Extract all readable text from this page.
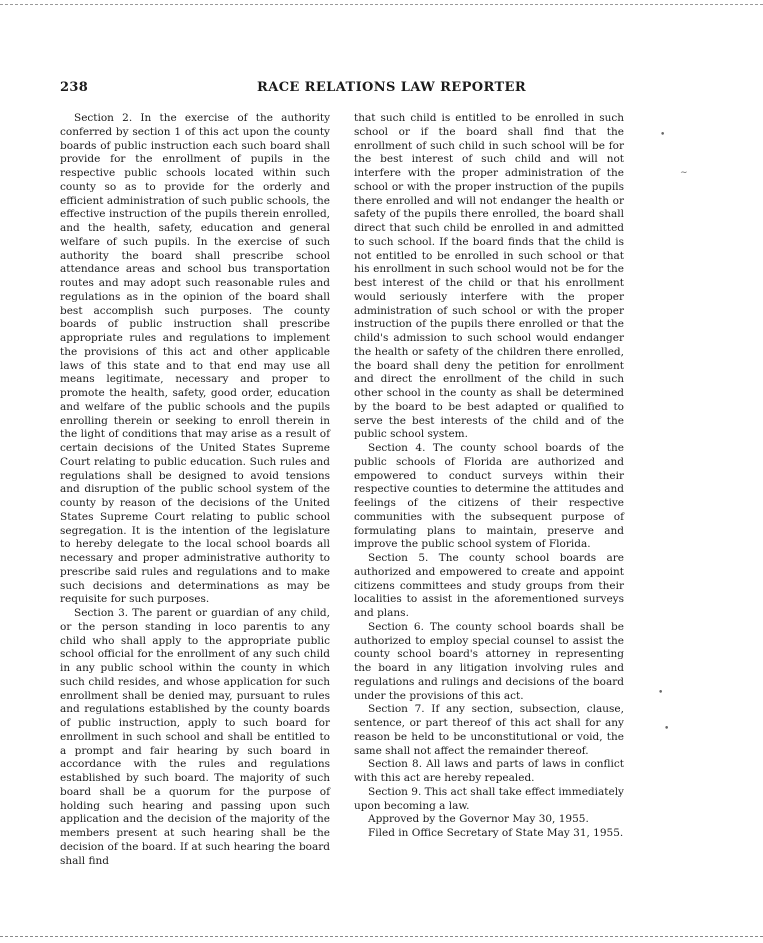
238	RACE RELATIONS LAW REPORTER

Section 2. In the exercise of the authority conferred by section 1 of this act upon the county boards of public instruction each such board shall provide for the enrollment of pupils in the respective public schools located within such county so as to provide for the orderly and efficient administration of such public schools, the effective instruction of the pupils therein enrolled, and the health, safety, education and general welfare of such pupils. In the exercise of such authority the board shall prescribe school attendance areas and school bus transportation routes and may adopt such reasonable rules and regulations as in the opinion of the board shall best accomplish such purposes. The county boards of public instruction shall prescribe appropriate rules and regulations to implement the provisions of this act and other applicable laws of this state and to that end may use all means legitimate, necessary and proper to promote the health, safety, good order, education and welfare of the public schools and the pupils enrolling therein or seeking to enroll therein in the light of conditions that may arise as a result of certain decisions of the United States Supreme Court relating to public education. Such rules and regulations shall be designed to avoid tensions and disruption of the public school system of the county by reason of the decisions of the United States Supreme Court relating to public school segregation. It is the intention of the legislature to hereby delegate to the local school boards all necessary and proper administrative authority to prescribe said rules and regulations and to make such decisions and determinations as may be requisite for such purposes.

Section 3. The parent or guardian of any child, or the person standing in loco parentis to any child who shall apply to the appropriate public school official for the enrollment of any such child in any public school within the county in which such child resides, and whose application for such enrollment shall be denied may, pursuant to rules and regulations established by the county boards of public instruction, apply to such board for enrollment in such school and shall be entitled to a prompt and fair hearing by such board in accordance with the rules and regulations established by such board. The majority of such board shall be a quorum for the purpose of holding such hearing and passing upon such application and the decision of the majority of the members present at such hearing shall be the decision of the board. If at such hearing the board shall find

that such child is entitled to be enrolled in such school or if the board shall find that the enrollment of such child in such school will be for the best interest of such child and will not interfere with the proper administration of the school or with the proper instruction of the pupils there enrolled and will not endanger the health or safety of the pupils there enrolled, the board shall direct that such child be enrolled in and admitted to such school. If the board finds that the child is not entitled to be enrolled in such school or that his enrollment in such school would not be for the best interest of the child or that his enrollment would seriously interfere with the proper administration of such school or with the proper instruction of the pupils there enrolled or that the child's admission to such school would endanger the health or safety of the children there enrolled, the board shall deny the petition for enrollment and direct the enrollment of the child in such other school in the county as shall be determined by the board to be best adapted or qualified to serve the best interests of the child and of the public school system.

Section 4. The county school boards of the public schools of Florida are authorized and empowered to conduct surveys within their respective counties to determine the attitudes and feelings of the citizens of their respective communities with the subsequent purpose of formulating plans to maintain, preserve and improve the public school system of Florida.

Section 5. The county school boards are authorized and empowered to create and appoint citizens committees and study groups from their localities to assist in the aforementioned surveys and plans.

Section 6. The county school boards shall be authorized to employ special counsel to assist the county school board's attorney in representing the board in any litigation involving rules and regulations and rulings and decisions of the board under the provisions of this act.

Section 7. If any section, subsection, clause, sentence, or part thereof of this act shall for any reason be held to be unconstitutional or void, the same shall not affect the remainder thereof.

Section 8. All laws and parts of laws in conflict with this act are hereby repealed.

Section 9. This act shall take effect immediately upon becoming a law.

Approved by the Governor May 30, 1955.

Filed in Office Secretary of State May 31, 1955.

•
∼
•
•
